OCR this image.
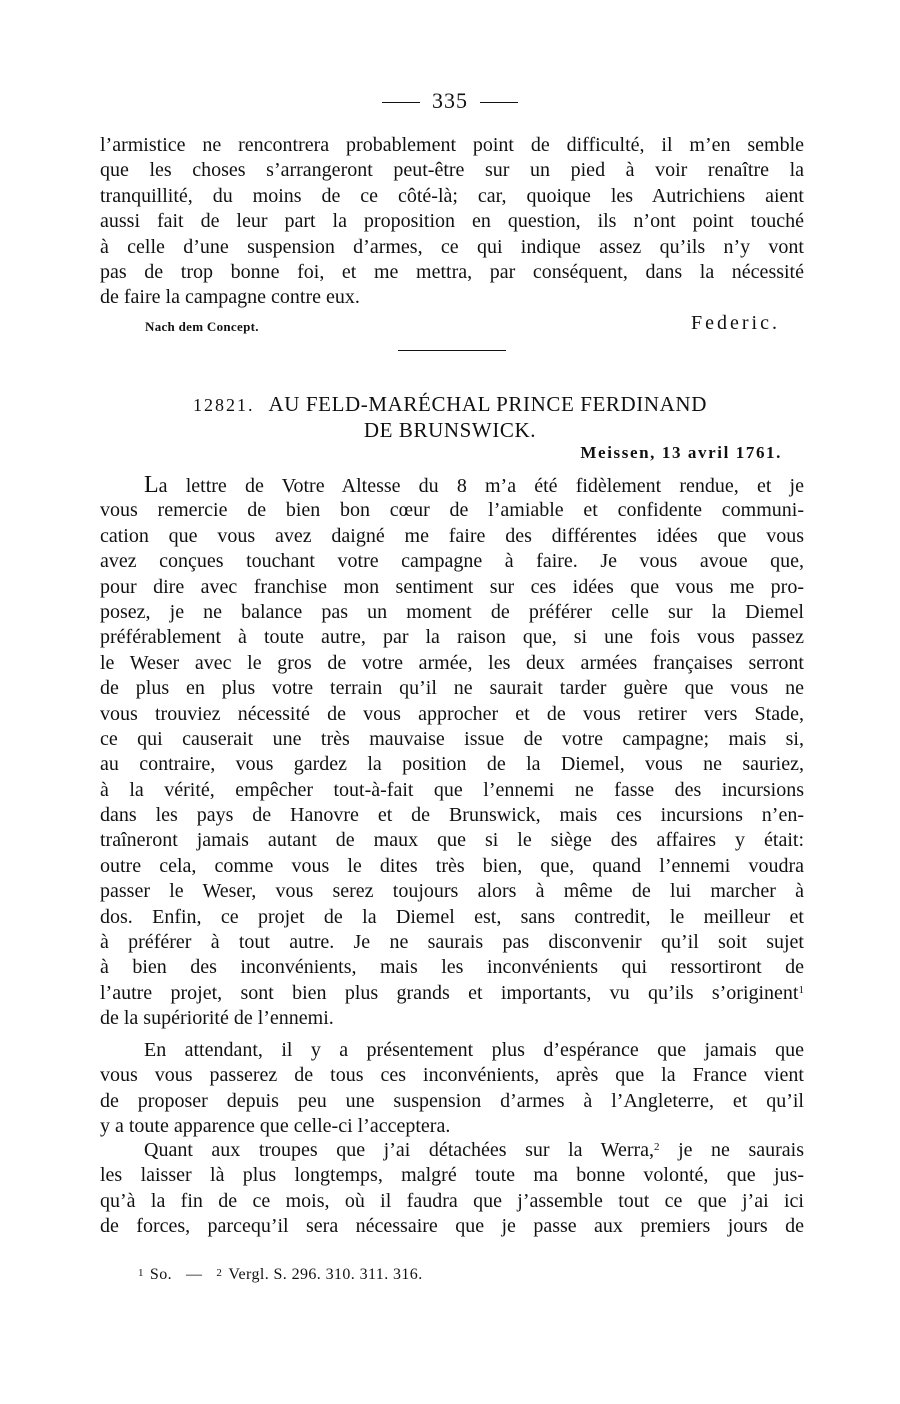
335
l’armistice ne rencontrera probablement point de difficulté, il m’en semble
que les choses s’arrangeront peut-être sur un pied à voir renaître la
tranquillité, du moins de ce côté-là; car, quoique les Autrichiens aient
aussi fait de leur part la proposition en question, ils n’ont point touché
à celle d’une suspension d’armes, ce qui indique assez qu’ils n’y vont
pas de trop bonne foi, et me mettra, par conséquent, dans la nécessité
de faire la campagne contre eux.
Nach dem Concept.	Federic.
12821. AU FELD-MARÉCHAL PRINCE FERDINAND
DE BRUNSWICK.
Meissen, 13 avril 1761.
La lettre de Votre Altesse du 8 m’a été fidèlement rendue, et je
vous remercie de bien bon cœur de l’amiable et confidente communi-
cation que vous avez daigné me faire des différentes idées que vous
avez conçues touchant votre campagne à faire. Je vous avoue que,
pour dire avec franchise mon sentiment sur ces idées que vous me pro-
posez, je ne balance pas un moment de préférer celle sur la Diemel
préférablement à toute autre, par la raison que, si une fois vous passez
le Weser avec le gros de votre armée, les deux armées françaises serront
de plus en plus votre terrain qu’il ne saurait tarder guère que vous ne
vous trouviez nécessité de vous approcher et de vous retirer vers Stade,
ce qui causerait une très mauvaise issue de votre campagne; mais si,
au contraire, vous gardez la position de la Diemel, vous ne sauriez,
à la vérité, empêcher tout-à-fait que l’ennemi ne fasse des incursions
dans les pays de Hanovre et de Brunswick, mais ces incursions n’en-
traîneront jamais autant de maux que si le siège des affaires y était:
outre cela, comme vous le dites très bien, que, quand l’ennemi voudra
passer le Weser, vous serez toujours alors à même de lui marcher à
dos. Enfin, ce projet de la Diemel est, sans contredit, le meilleur et
à préférer à tout autre. Je ne saurais pas disconvenir qu’il soit sujet
à bien des inconvénients, mais les inconvénients qui ressortiront de
l’autre projet, sont bien plus grands et importants, vu qu’ils s’originent$^1$
de la supériorité de l’ennemi.
En attendant, il y a présentement plus d’espérance que jamais que
vous vous passerez de tous ces inconvénients, après que la France vient
de proposer depuis peu une suspension d’armes à l’Angleterre, et qu’il
y a toute apparence que celle-ci l’acceptera.
Quant aux troupes que j’ai détachées sur la Werra,$^2$ je ne saurais
les laisser là plus longtemps, malgré toute ma bonne volonté, que jus-
qu’à la fin de ce mois, où il faudra que j’assemble tout ce que j’ai ici
de forces, parcequ’il sera nécessaire que je passe aux premiers jours de
1 So. — 2 Vergl. S. 296. 310. 311. 316.
